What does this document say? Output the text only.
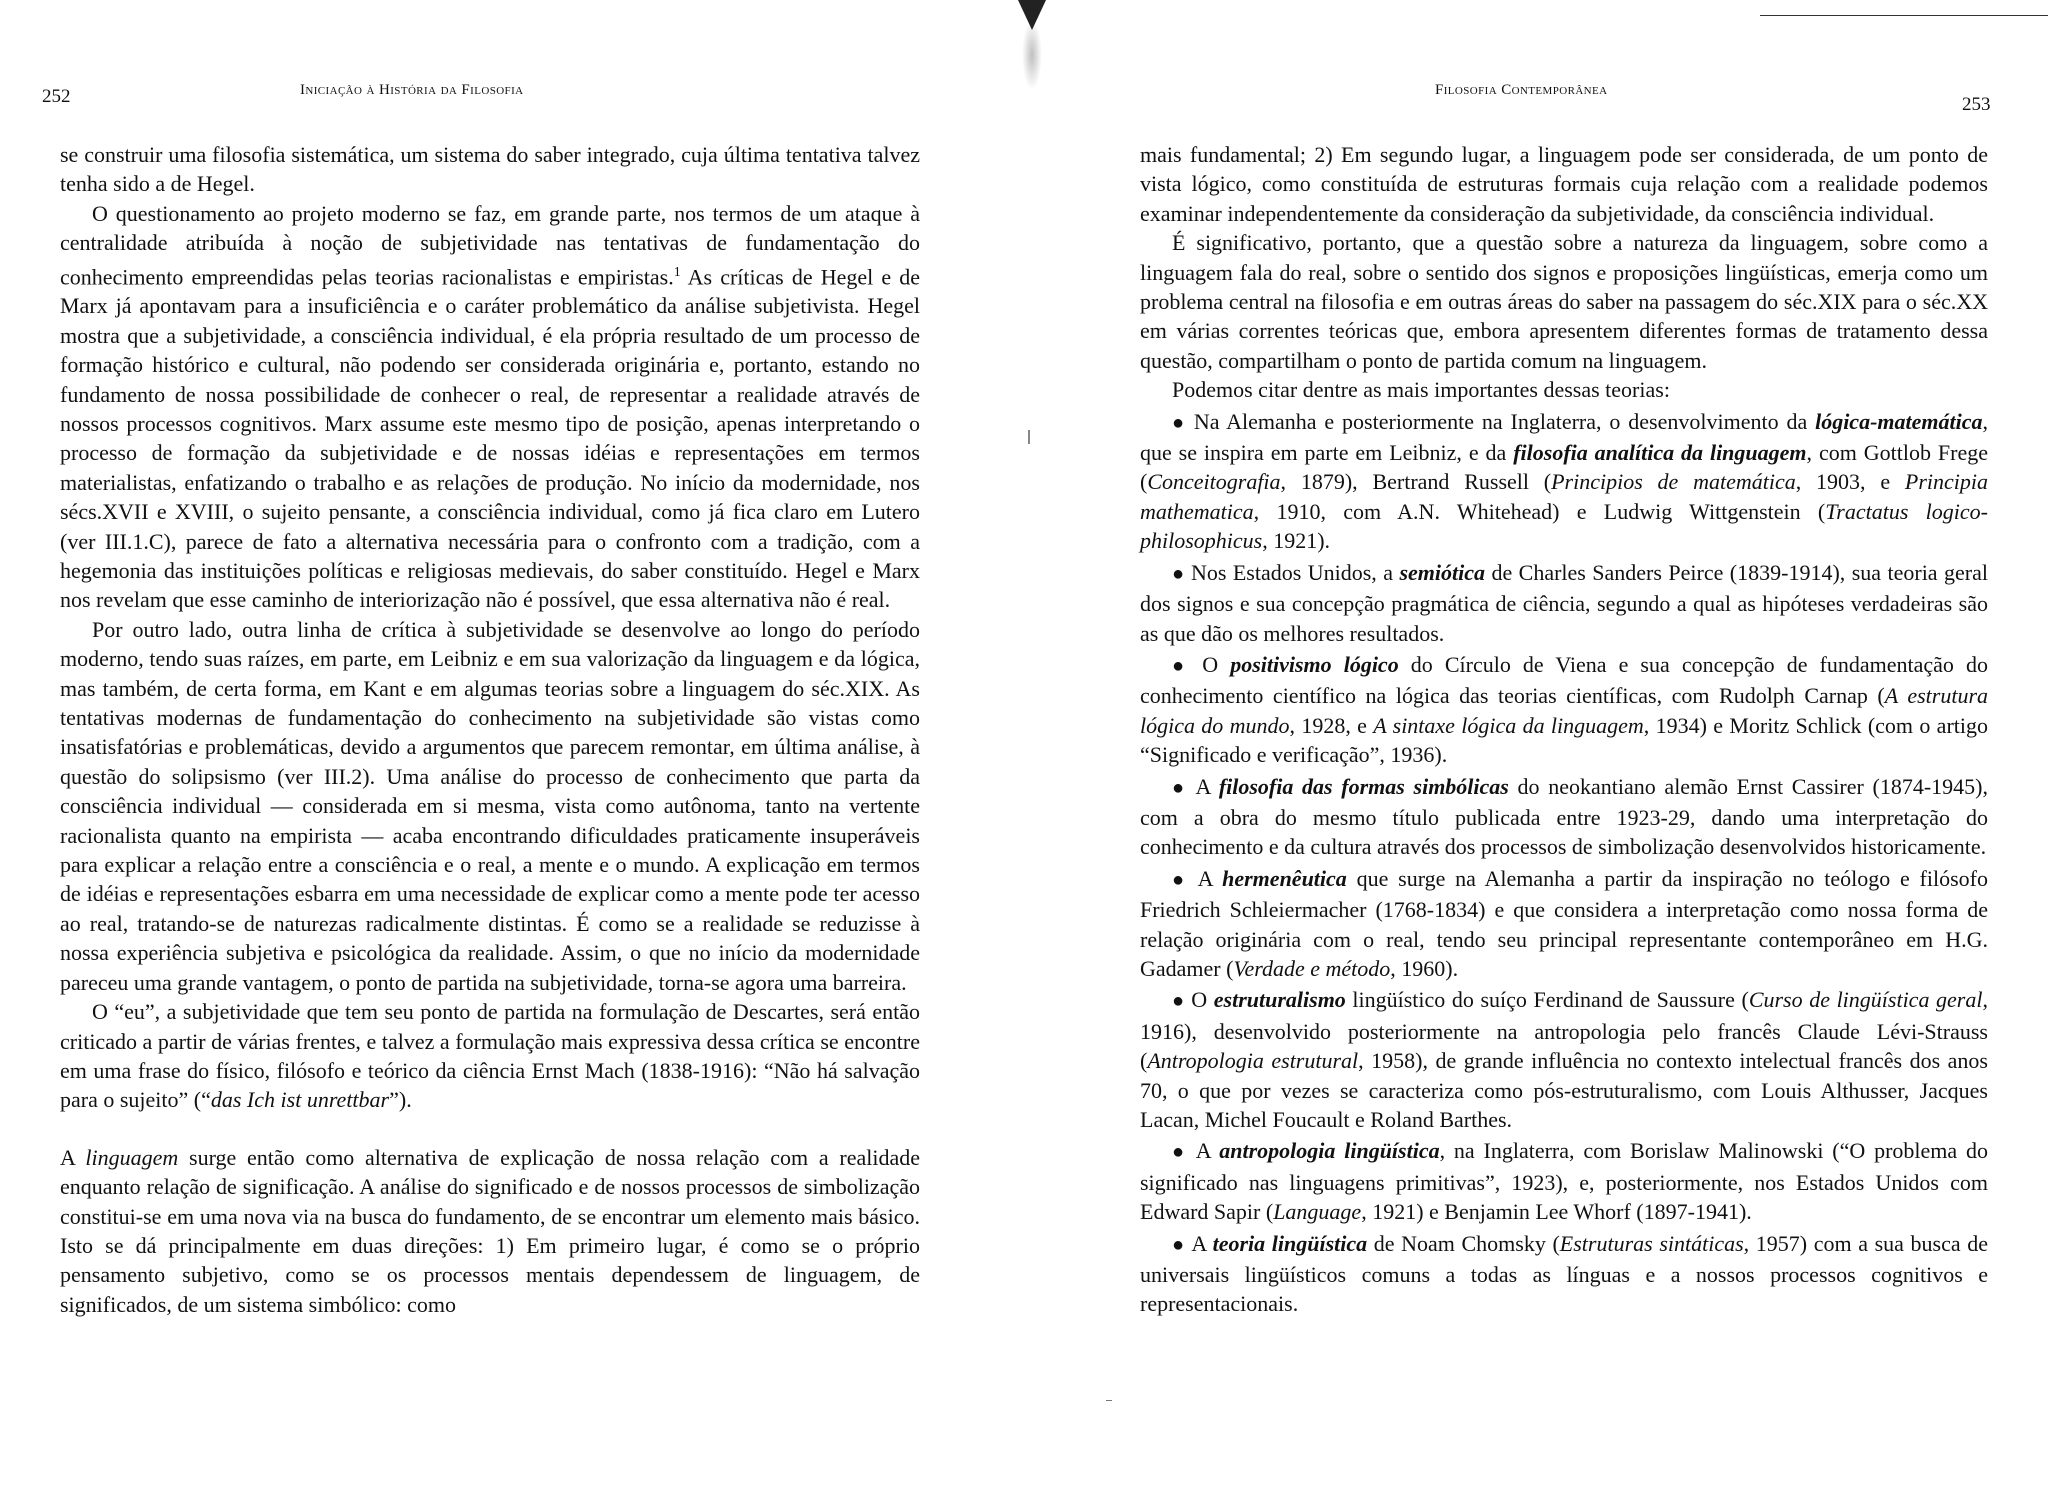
252	Iniciação à História da Filosofia

se construir uma filosofia sistemática, um sistema do saber integrado, cuja última tentativa talvez tenha sido a de Hegel.

O questionamento ao projeto moderno se faz, em grande parte, nos termos de um ataque à centralidade atribuída à noção de subjetividade nas tentativas de fundamentação do conhecimento empreendidas pelas teorias racionalistas e empiristas.$^1$ As críticas de Hegel e de Marx já apontavam para a insuficiência e o caráter problemático da análise subjetivista. Hegel mostra que a subjetividade, a consciência individual, é ela própria resultado de um processo de formação histórico e cultural, não podendo ser considerada originária e, portanto, estando no fundamento de nossa possibilidade de conhecer o real, de representar a realidade através de nossos processos cognitivos. Marx assume este mesmo tipo de posição, apenas interpretando o processo de formação da subjetividade e de nossas idéias e representações em termos materialistas, enfatizando o trabalho e as relações de produção. No início da modernidade, nos sécs.XVII e XVIII, o sujeito pensante, a consciência individual, como já fica claro em Lutero (ver III.1.C), parece de fato a alternativa necessária para o confronto com a tradição, com a hegemonia das instituições políticas e religiosas medievais, do saber constituído. Hegel e Marx nos revelam que esse caminho de interiorização não é possível, que essa alternativa não é real.

Por outro lado, outra linha de crítica à subjetividade se desenvolve ao longo do período moderno, tendo suas raízes, em parte, em Leibniz e em sua valorização da linguagem e da lógica, mas também, de certa forma, em Kant e em algumas teorias sobre a linguagem do séc.XIX. As tentativas modernas de fundamentação do conhecimento na subjetividade são vistas como insatisfatórias e problemáticas, devido a argumentos que parecem remontar, em última análise, à questão do solipsismo (ver III.2). Uma análise do processo de conhecimento que parta da consciência individual — considerada em si mesma, vista como autônoma, tanto na vertente racionalista quanto na empirista — acaba encontrando dificuldades praticamente insuperáveis para explicar a relação entre a consciência e o real, a mente e o mundo. A explicação em termos de idéias e representações esbarra em uma necessidade de explicar como a mente pode ter acesso ao real, tratando-se de naturezas radicalmente distintas. É como se a realidade se reduzisse à nossa experiência subjetiva e psicológica da realidade. Assim, o que no início da modernidade pareceu uma grande vantagem, o ponto de partida na subjetividade, torna-se agora uma barreira.

O “eu”, a subjetividade que tem seu ponto de partida na formulação de Descartes, será então criticado a partir de várias frentes, e talvez a formulação mais expressiva dessa crítica se encontre em uma frase do físico, filósofo e teórico da ciência Ernst Mach (1838-1916): “Não há salvação para o sujeito” (“das Ich ist unrettbar”).

A linguagem surge então como alternativa de explicação de nossa relação com a realidade enquanto relação de significação. A análise do significado e de nossos processos de simbolização constitui-se em uma nova via na busca do fundamento, de se encontrar um elemento mais básico. Isto se dá principalmente em duas direções: 1) Em primeiro lugar, é como se o próprio pensamento subjetivo, como se os processos mentais dependessem de linguagem, de significados, de um sistema simbólico: como

Filosofia Contemporânea
253

mais fundamental; 2) Em segundo lugar, a linguagem pode ser considerada, de um ponto de vista lógico, como constituída de estruturas formais cuja relação com a realidade podemos examinar independentemente da consideração da subjetividade, da consciência individual.

É significativo, portanto, que a questão sobre a natureza da linguagem, sobre como a linguagem fala do real, sobre o sentido dos signos e proposições lingüísticas, emerja como um problema central na filosofia e em outras áreas do saber na passagem do séc.XIX para o séc.XX em várias correntes teóricas que, embora apresentem diferentes formas de tratamento dessa questão, compartilham o ponto de partida comum na linguagem.

Podemos citar dentre as mais importantes dessas teorias:

● Na Alemanha e posteriormente na Inglaterra, o desenvolvimento da lógica-matemática, que se inspira em parte em Leibniz, e da filosofia analítica da linguagem, com Gottlob Frege (Conceitografia, 1879), Bertrand Russell (Principios de matemática, 1903, e Principia mathematica, 1910, com A.N. Whitehead) e Ludwig Wittgenstein (Tractatus logico-philosophicus, 1921).

● Nos Estados Unidos, a semiótica de Charles Sanders Peirce (1839-1914), sua teoria geral dos signos e sua concepção pragmática de ciência, segundo a qual as hipóteses verdadeiras são as que dão os melhores resultados.

● O positivismo lógico do Círculo de Viena e sua concepção de fundamentação do conhecimento científico na lógica das teorias científicas, com Rudolph Carnap (A estrutura lógica do mundo, 1928, e A sintaxe lógica da linguagem, 1934) e Moritz Schlick (com o artigo “Significado e verificação”, 1936).

● A filosofia das formas simbólicas do neokantiano alemão Ernst Cassirer (1874-1945), com a obra do mesmo título publicada entre 1923-29, dando uma interpretação do conhecimento e da cultura através dos processos de simbolização desenvolvidos historicamente.

● A hermenêutica que surge na Alemanha a partir da inspiração no teólogo e filósofo Friedrich Schleiermacher (1768-1834) e que considera a interpretação como nossa forma de relação originária com o real, tendo seu principal representante contemporâneo em H.G. Gadamer (Verdade e método, 1960).

● O estruturalismo lingüístico do suíço Ferdinand de Saussure (Curso de lingüística geral, 1916), desenvolvido posteriormente na antropologia pelo francês Claude Lévi-Strauss (Antropologia estrutural, 1958), de grande influência no contexto intelectual francês dos anos 70, o que por vezes se caracteriza como pós-estruturalismo, com Louis Althusser, Jacques Lacan, Michel Foucault e Roland Barthes.

● A antropologia lingüística, na Inglaterra, com Borislaw Malinowski (“O problema do significado nas linguagens primitivas”, 1923), e, posteriormente, nos Estados Unidos com Edward Sapir (Language, 1921) e Benjamin Lee Whorf (1897-1941).

● A teoria lingüística de Noam Chomsky (Estruturas sintáticas, 1957) com a sua busca de universais lingüísticos comuns a todas as línguas e a nossos processos cognitivos e representacionais.
